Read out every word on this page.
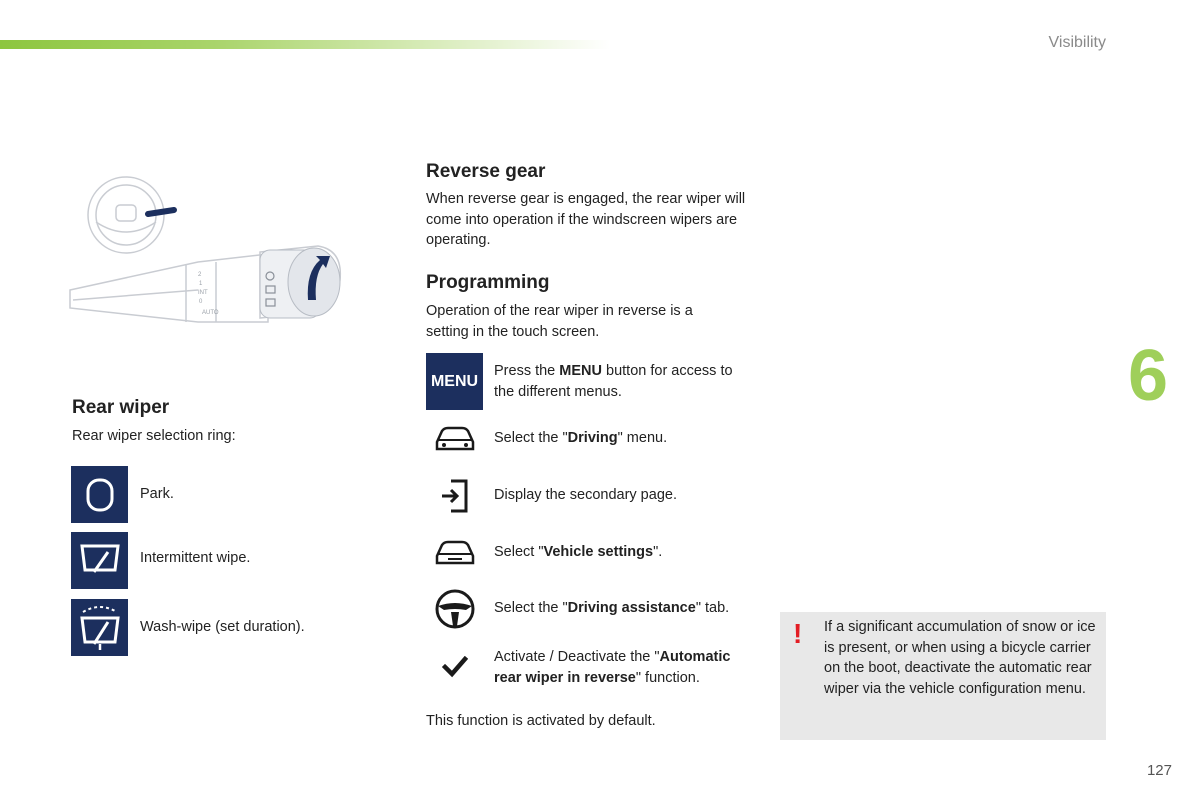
Visibility
6
127
2
1
INT
0
AUTO
Rear wiper
Rear wiper selection ring:
Park.
Intermittent wipe.
Wash-wipe (set duration).
Reverse gear
When reverse gear is engaged, the rear wiper will come into operation if the windscreen wipers are operating.
Programming
Operation of the rear wiper in reverse is a setting in the touch screen.
MENU
Press the MENU button for access to the different menus.
Select the "Driving" menu.
Display the secondary page.
Select "Vehicle settings".
Select the "Driving assistance" tab.
Activate / Deactivate the "Automatic rear wiper in reverse" function.
This function is activated by default.
! If a significant accumulation of snow or ice is present, or when using a bicycle carrier on the boot, deactivate the automatic rear wiper via the vehicle configuration menu.
